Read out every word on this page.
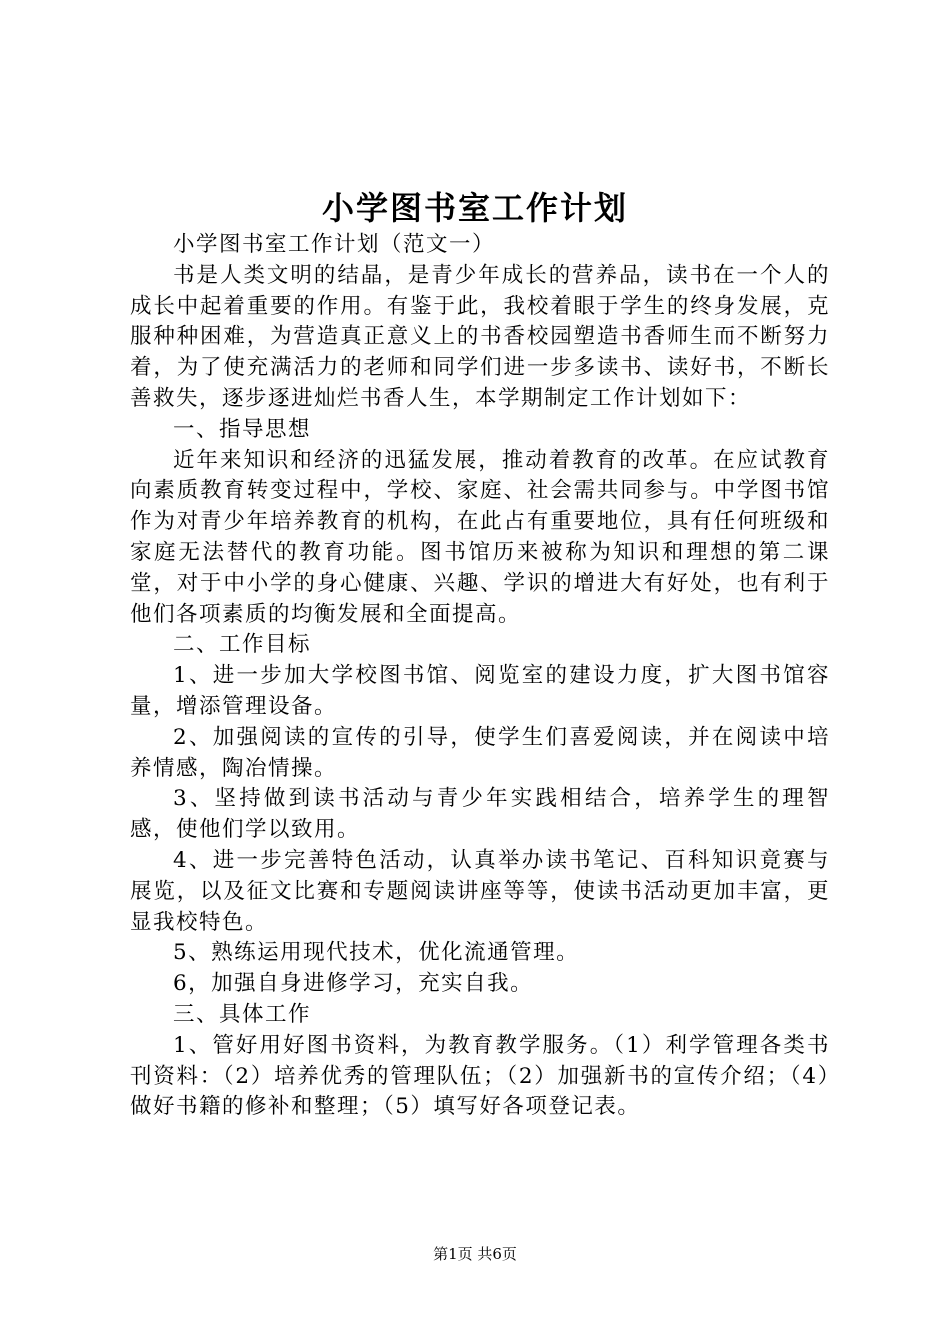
小学图书室工作计划

小学图书室工作计划（范文一）

书是人类文明的结晶，是青少年成长的营养品，读书在一个人的成长中起着重要的作用。有鉴于此，我校着眼于学生的终身发展，克服种种困难，为营造真正意义上的书香校园塑造书香师生而不断努力着，为了使充满活力的老师和同学们进一步多读书、读好书，不断长善救失，逐步逐进灿烂书香人生，本学期制定工作计划如下：

一、指导思想

近年来知识和经济的迅猛发展，推动着教育的改革。在应试教育向素质教育转变过程中，学校、家庭、社会需共同参与。中学图书馆作为对青少年培养教育的机构，在此占有重要地位，具有任何班级和家庭无法替代的教育功能。图书馆历来被称为知识和理想的第二课堂，对于中小学的身心健康、兴趣、学识的增进大有好处，也有利于他们各项素质的均衡发展和全面提高。

二、工作目标

1、进一步加大学校图书馆、阅览室的建设力度，扩大图书馆容量，增添管理设备。

2、加强阅读的宣传的引导，使学生们喜爱阅读，并在阅读中培养情感，陶冶情操。

3、坚持做到读书活动与青少年实践相结合，培养学生的理智感，使他们学以致用。

4、进一步完善特色活动，认真举办读书笔记、百科知识竟赛与展览，以及征文比赛和专题阅读讲座等等，使读书活动更加丰富，更显我校特色。

5、熟练运用现代技术，优化流通管理。

6，加强自身进修学习，充实自我。

三、具体工作

1、管好用好图书资料，为教育教学服务。（1）利学管理各类书刊资料：（2）培养优秀的管理队伍；（2）加强新书的宣传介绍；（4）做好书籍的修补和整理；（5）填写好各项登记表。

第1页 共6页
